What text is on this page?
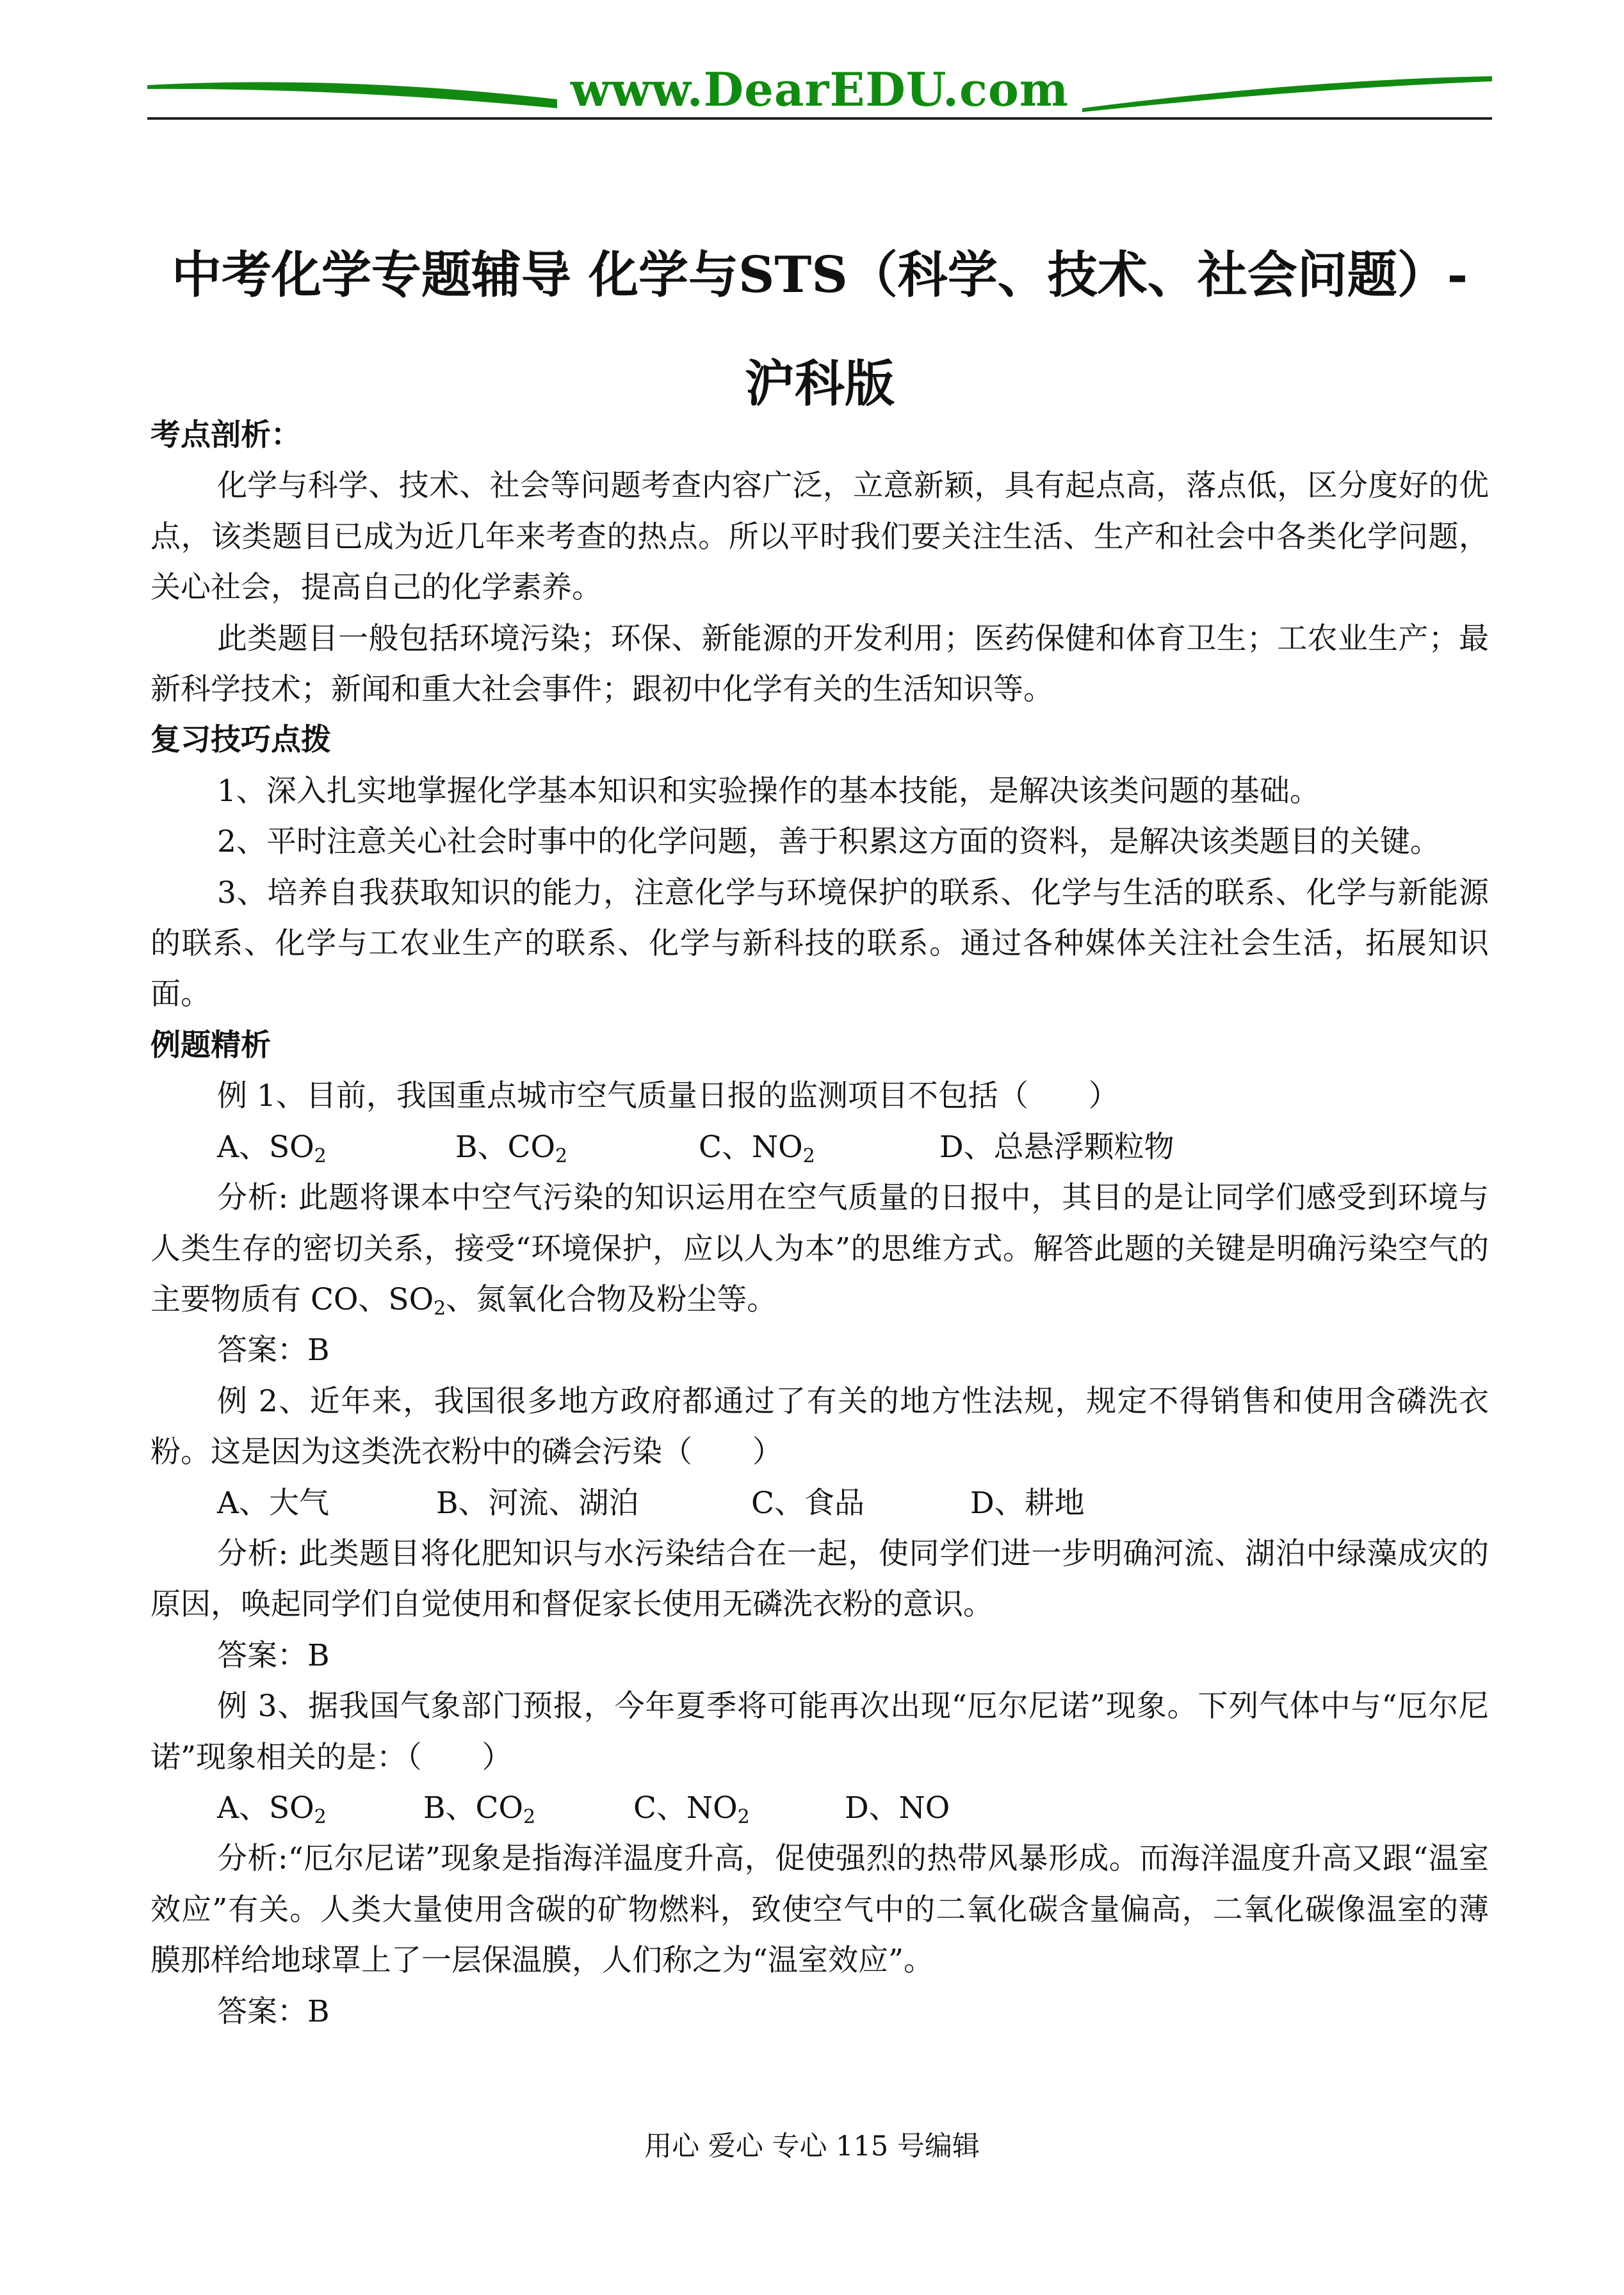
www.DearEDU.com
中考化学专题辅导 化学与STS（科学、技术、社会问题）-沪科版

考点剖析：

化学与科学、技术、社会等问题考查内容广泛，立意新颖，具有起点高，落点低，区分度好的优点，该类题目已成为近几年来考查的热点。所以平时我们要关注生活、生产和社会中各类化学问题，关心社会，提高自己的化学素养。

此类题目一般包括环境污染；环保、新能源的开发利用；医药保健和体育卫生；工农业生产；最新科学技术；新闻和重大社会事件；跟初中化学有关的生活知识等。

复习技巧点拨

1、深入扎实地掌握化学基本知识和实验操作的基本技能，是解决该类问题的基础。

2、平时注意关心社会时事中的化学问题，善于积累这方面的资料，是解决该类题目的关键。

3、培养自我获取知识的能力，注意化学与环境保护的联系、化学与生活的联系、化学与新能源的联系、化学与工农业生产的联系、化学与新科技的联系。通过各种媒体关注社会生活，拓展知识面。

例题精析

例 1、目前，我国重点城市空气质量日报的监测项目不包括（　　）

A、$SO_2$	B、$CO_2$	C、$NO_2$	D、总悬浮颗粒物

分析: 此题将课本中空气污染的知识运用在空气质量的日报中，其目的是让同学们感受到环境与人类生存的密切关系，接受“环境保护，应以人为本”的思维方式。解答此题的关键是明确污染空气的主要物质有 CO、$SO_2$、氮氧化合物及粉尘等。

答案：B

例 2、近年来，我国很多地方政府都通过了有关的地方性法规，规定不得销售和使用含磷洗衣粉。这是因为这类洗衣粉中的磷会污染（　　）

A、大气	B、河流、湖泊	C、食品	D、耕地

分析: 此类题目将化肥知识与水污染结合在一起，使同学们进一步明确河流、湖泊中绿藻成灾的原因，唤起同学们自觉使用和督促家长使用无磷洗衣粉的意识。

答案：B

例 3、据我国气象部门预报，今年夏季将可能再次出现“厄尔尼诺”现象。下列气体中与“厄尔尼诺”现象相关的是：（　　）

A、$SO_2$	B、$CO_2$	C、$NO_2$	D、NO

分析:“厄尔尼诺”现象是指海洋温度升高，促使强烈的热带风暴形成。而海洋温度升高又跟“温室效应”有关。人类大量使用含碳的矿物燃料，致使空气中的二氧化碳含量偏高，二氧化碳像温室的薄膜那样给地球罩上了一层保温膜，人们称之为“温室效应”。

答案：B

用心 爱心 专心 115 号编辑
